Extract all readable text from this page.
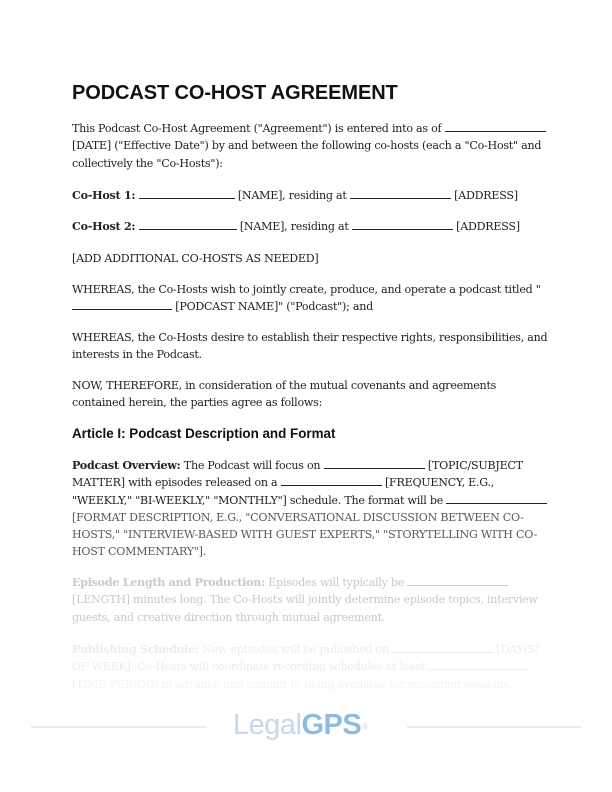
PODCAST CO-HOST AGREEMENT

This Podcast Co-Host Agreement ("Agreement") is entered into as of  [DATE] ("Effective Date") by and between the following co-hosts (each a "Co-Host" and collectively the "Co-Hosts"):

Co-Host 1:	[NAME], residing at	[ADDRESS]

Co-Host 2:	[NAME], residing at	[ADDRESS]

[ADD ADDITIONAL CO-HOSTS AS NEEDED]

WHEREAS, the Co-Hosts wish to jointly create, produce, and operate a podcast titled " [PODCAST NAME]" ("Podcast"); and

WHEREAS, the Co-Hosts desire to establish their respective rights, responsibilities, and interests in the Podcast.

NOW, THEREFORE, in consideration of the mutual covenants and agreements contained herein, the parties agree as follows:

Article I: Podcast Description and Format

Podcast Overview: The Podcast will focus on	[TOPIC/SUBJECT MATTER] with episodes released on a	[FREQUENCY, E.G., "WEEKLY," "BI-WEEKLY," "MONTHLY"] schedule. The format will be  [FORMAT DESCRIPTION, E.G., "CONVERSATIONAL DISCUSSION BETWEEN CO-HOSTS," "INTERVIEW-BASED WITH GUEST EXPERTS," "STORYTELLING WITH CO-HOST COMMENTARY"].

Episode Length and Production: Episodes will typically be  [LENGTH] minutes long. The Co-Hosts will jointly determine episode topics, interview guests, and creative direction through mutual agreement.

Publishing Schedule: New episodes will be published on	[DAY(S) OF WEEK]. Co-Hosts will coordinate recording schedules at least  [TIME PERIOD] in advance and commit to being available for recording sessions.

LegalGPS®
